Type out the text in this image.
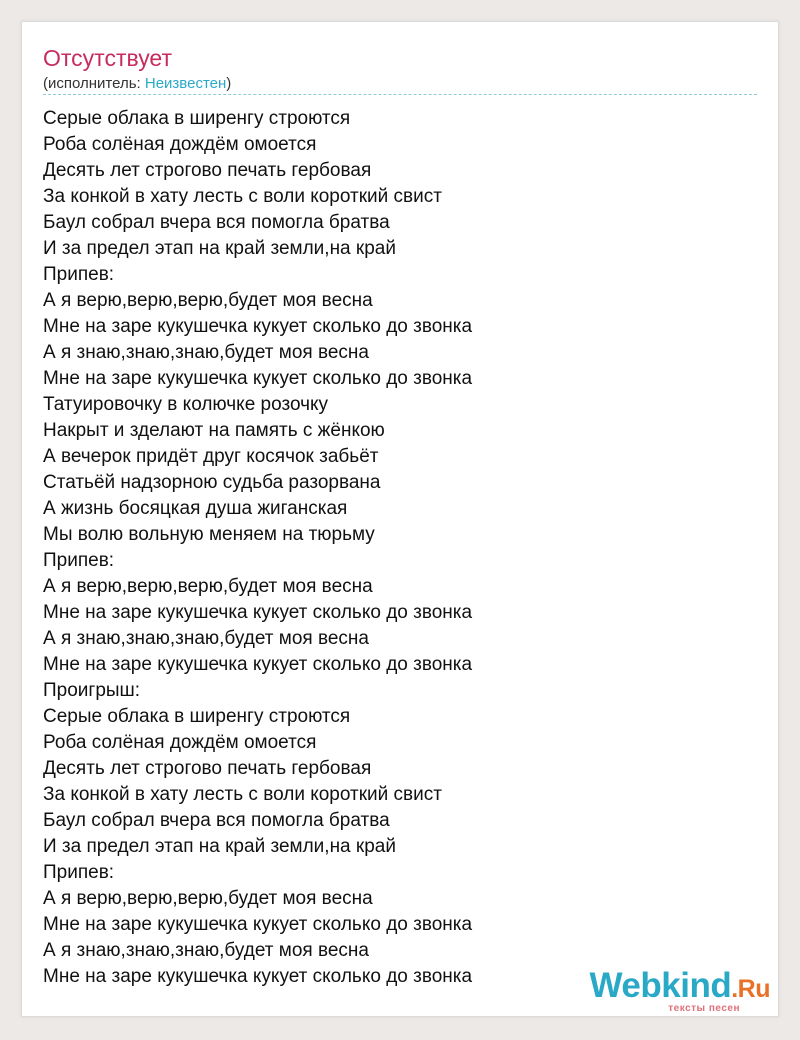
Отсутствует
(исполнитель: Неизвестен)
Серые облака в ширенгу строются
Роба солёная дождём омоется
Десять лет строгово печать гербовая
За конкой в хату лесть с воли короткий свист
Баул собрал вчера вся помогла братва
И за предел этап на край земли,на край
Припев:
А я верю,верю,верю,будет моя весна
Мне на заре кукушечка кукует сколько до звонка
А я знаю,знаю,знаю,будет моя весна
Мне на заре кукушечка кукует сколько до звонка
Татуировочку в колючке розочку
Накрыт и зделают на память с жёнкою
А вечерок придёт друг косячок забьёт
Статьёй надзорною судьба разорвана
А жизнь босяцкая душа жиганская
Мы волю вольную меняем на тюрьму
Припев:
А я верю,верю,верю,будет моя весна
Мне на заре кукушечка кукует сколько до звонка
А я знаю,знаю,знаю,будет моя весна
Мне на заре кукушечка кукует сколько до звонка
Проигрыш:
Серые облака в ширенгу строются
Роба солёная дождём омоется
Десять лет строгово печать гербовая
За конкой в хату лесть с воли короткий свист
Баул собрал вчера вся помогла братва
И за предел этап на край земли,на край
Припев:
А я верю,верю,верю,будет моя весна
Мне на заре кукушечка кукует сколько до звонка
А я знаю,знаю,знаю,будет моя весна
Мне на заре кукушечка кукует сколько до звонка	Webkind.Ru
тексты песен
